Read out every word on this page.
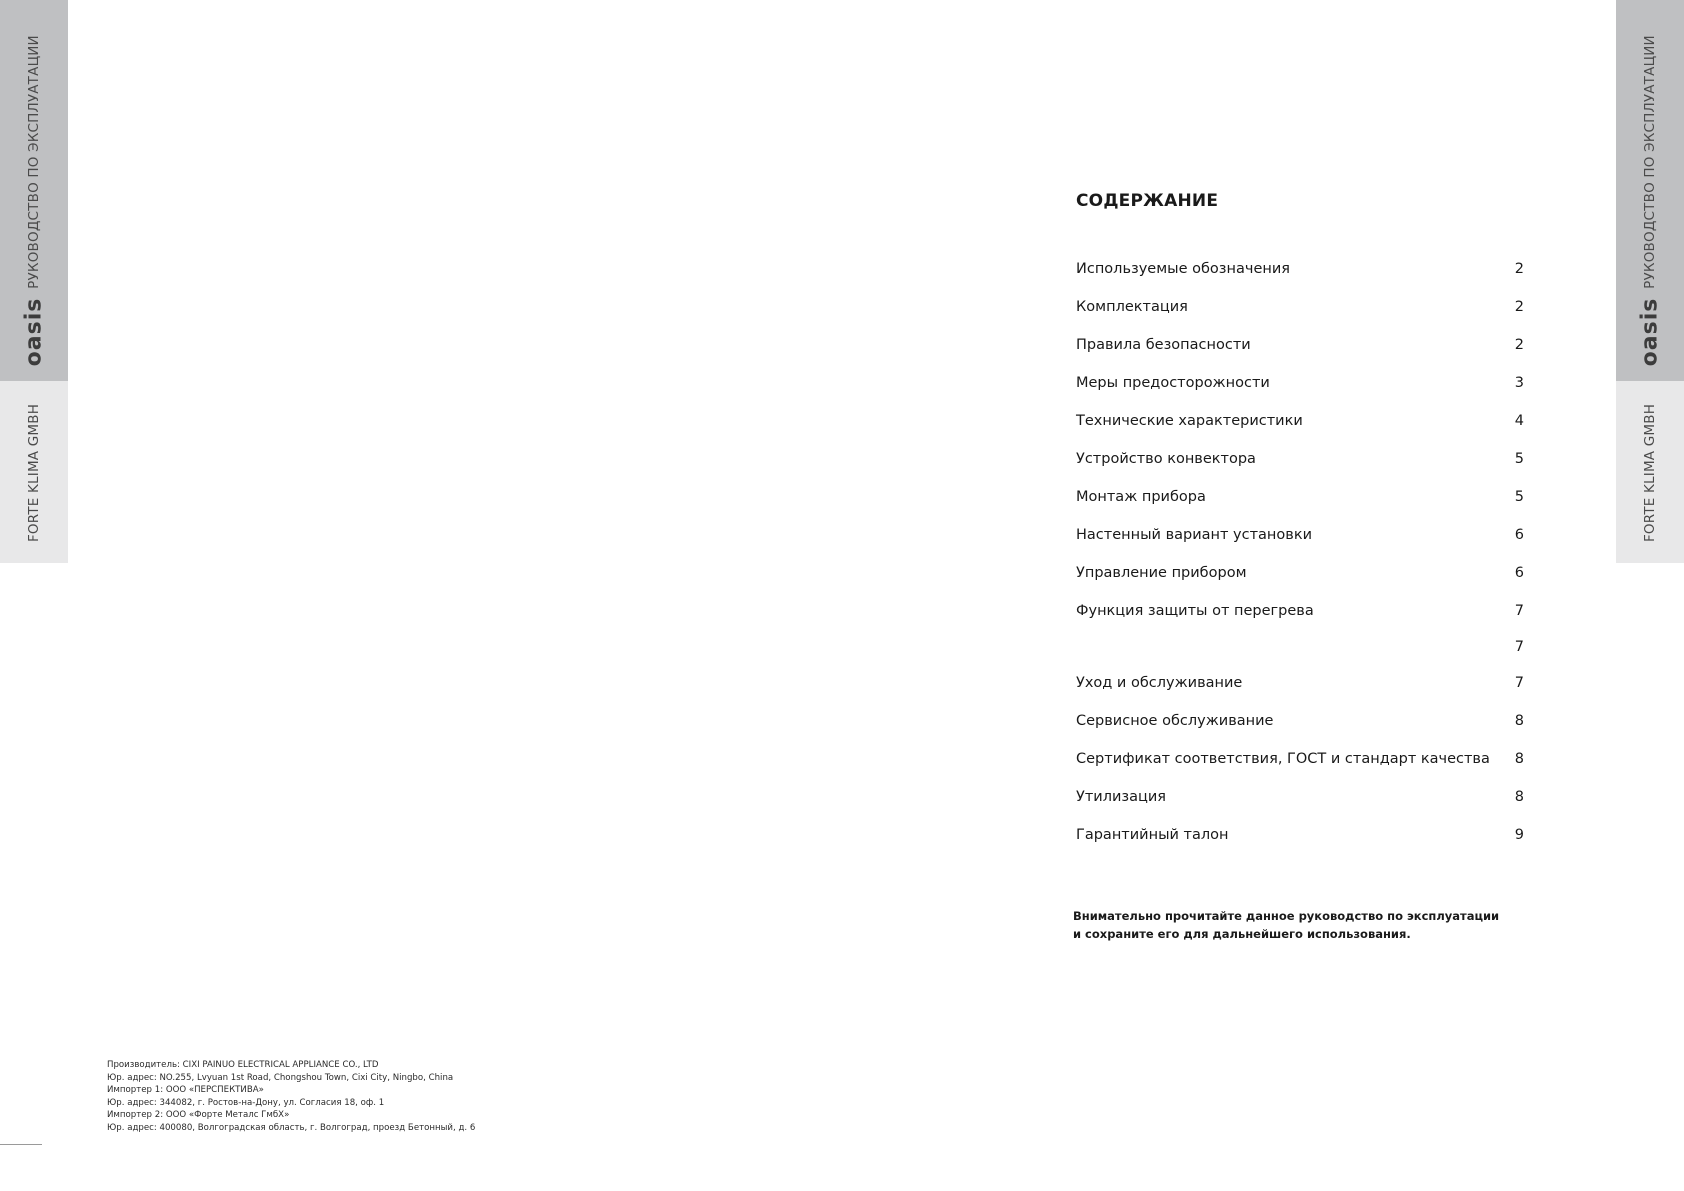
РУКОВОДСТВО ПО ЭКСПЛУАТАЦИИ
oasis
FORTE KLIMA GMBH
РУКОВОДСТВО ПО ЭКСПЛУАТАЦИИ
oasis
FORTE KLIMA GMBH
СОДЕРЖАНИЕ
Используемые обозначения	2
Комплектация	2
Правила безопасности	2
Меры предосторожности	3
Технические характеристики	4
Устройство конвектора	5
Монтаж прибора	5
Настенный вариант установки	6
Управление прибором	6
Функция защиты от перегрева	7
7
Уход и обслуживание	7
Сервисное обслуживание	8
Сертификат соответствия, ГОСТ и стандарт качества 8
Утилизация	8
Гарантийный талон	9
Внимательно прочитайте данное руководство по эксплуатации
и сохраните его для дальнейшего использования.
Производитель: CIXI PAINUO ELECTRICAL APPLIANCE CO., LTD
Юр. адрес: NO.255, Lvyuan 1st Road, Chongshou Town, Cixi City, Ningbo, China
Импортер 1: ООО «ПЕРСПЕКТИВА»
Юр. адрес: 344082, г. Ростов-на-Дону, ул. Согласия 18, оф. 1
Импортер 2: ООО «Форте Металс ГмбХ»
Юр. адрес: 400080, Волгоградская область, г. Волгоград, проезд Бетонный, д. 6
